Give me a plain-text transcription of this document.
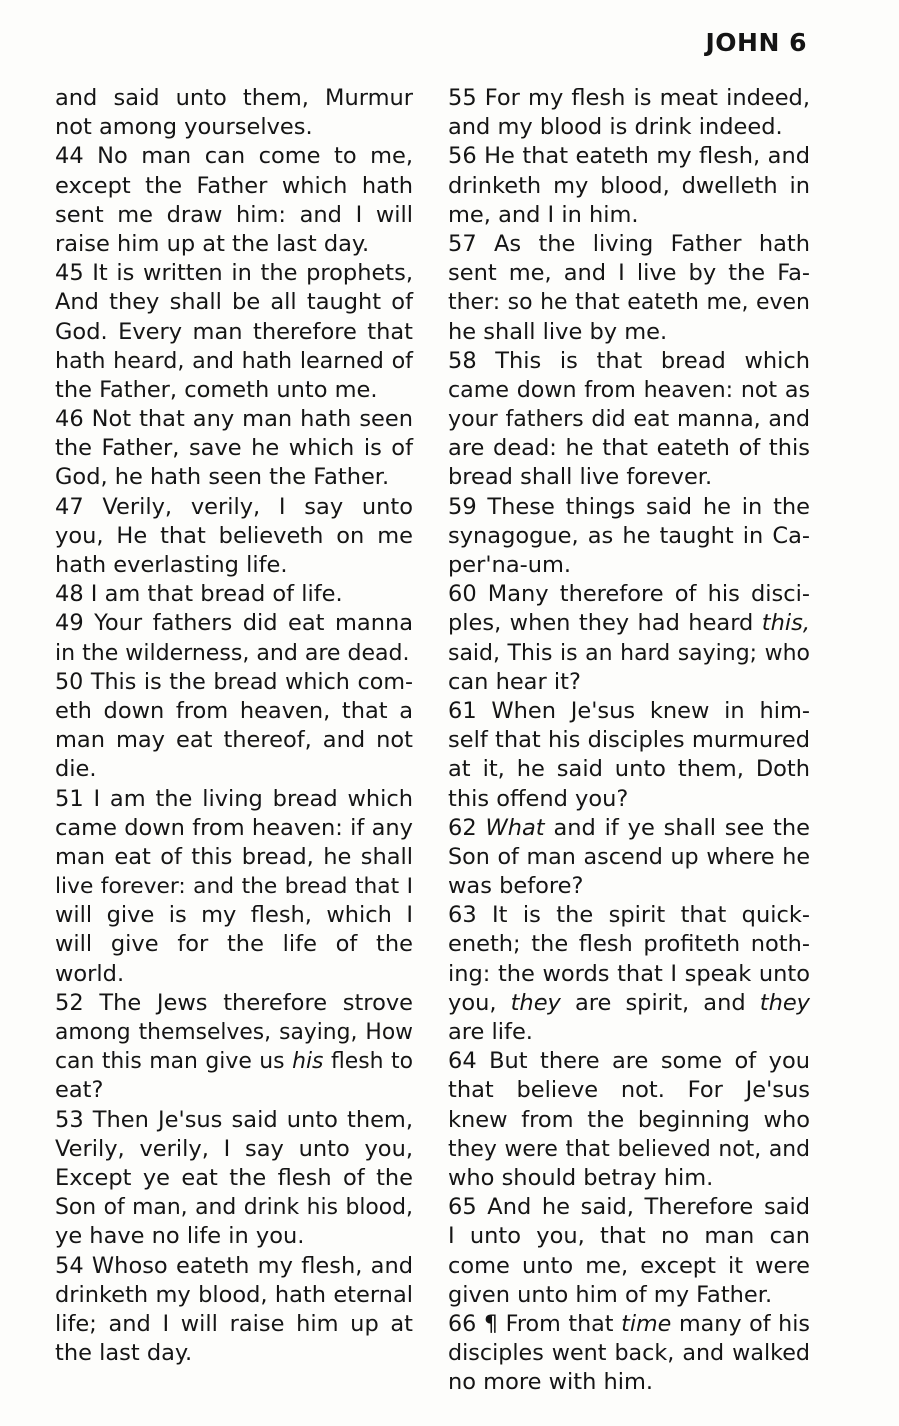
JOHN 6
and said unto them, Murmur
not among yourselves.
44 No man can come to me,
except the Father which hath
sent me draw him: and I will
raise him up at the last day.
45 It is written in the prophets,
And they shall be all taught of
God. Every man therefore that
hath heard, and hath learned of
the Father, cometh unto me.
46 Not that any man hath seen
the Father, save he which is of
God, he hath seen the Father.
47 Verily, verily, I say unto
you, He that believeth on me
hath everlasting life.
48 I am that bread of life.
49 Your fathers did eat manna
in the wilderness, and are dead.
50 This is the bread which com-
eth down from heaven, that a
man may eat thereof, and not
die.
51 I am the living bread which
came down from heaven: if any
man eat of this bread, he shall
live forever: and the bread that I
will give is my flesh, which I
will give for the life of the
world.
52 The Jews therefore strove
among themselves, saying, How
can this man give us his flesh to
eat?
53 Then Je'sus said unto them,
Verily, verily, I say unto you,
Except ye eat the flesh of the
Son of man, and drink his blood,
ye have no life in you.
54 Whoso eateth my flesh, and
drinketh my blood, hath eternal
life; and I will raise him up at
the last day.
55 For my flesh is meat indeed,
and my blood is drink indeed.
56 He that eateth my flesh, and
drinketh my blood, dwelleth in
me, and I in him.
57 As the living Father hath
sent me, and I live by the Fa-
ther: so he that eateth me, even
he shall live by me.
58 This is that bread which
came down from heaven: not as
your fathers did eat manna, and
are dead: he that eateth of this
bread shall live forever.
59 These things said he in the
synagogue, as he taught in Ca-
per'na-um.
60 Many therefore of his disci-
ples, when they had heard this,
said, This is an hard saying; who
can hear it?
61 When Je'sus knew in him-
self that his disciples murmured
at it, he said unto them, Doth
this offend you?
62 What and if ye shall see the
Son of man ascend up where he
was before?
63 It is the spirit that quick-
eneth; the flesh profiteth noth-
ing: the words that I speak unto
you, they are spirit, and they
are life.
64 But there are some of you
that believe not. For Je'sus
knew from the beginning who
they were that believed not, and
who should betray him.
65 And he said, Therefore said
I unto you, that no man can
come unto me, except it were
given unto him of my Father.
66 ¶ From that time many of his
disciples went back, and walked
no more with him.
